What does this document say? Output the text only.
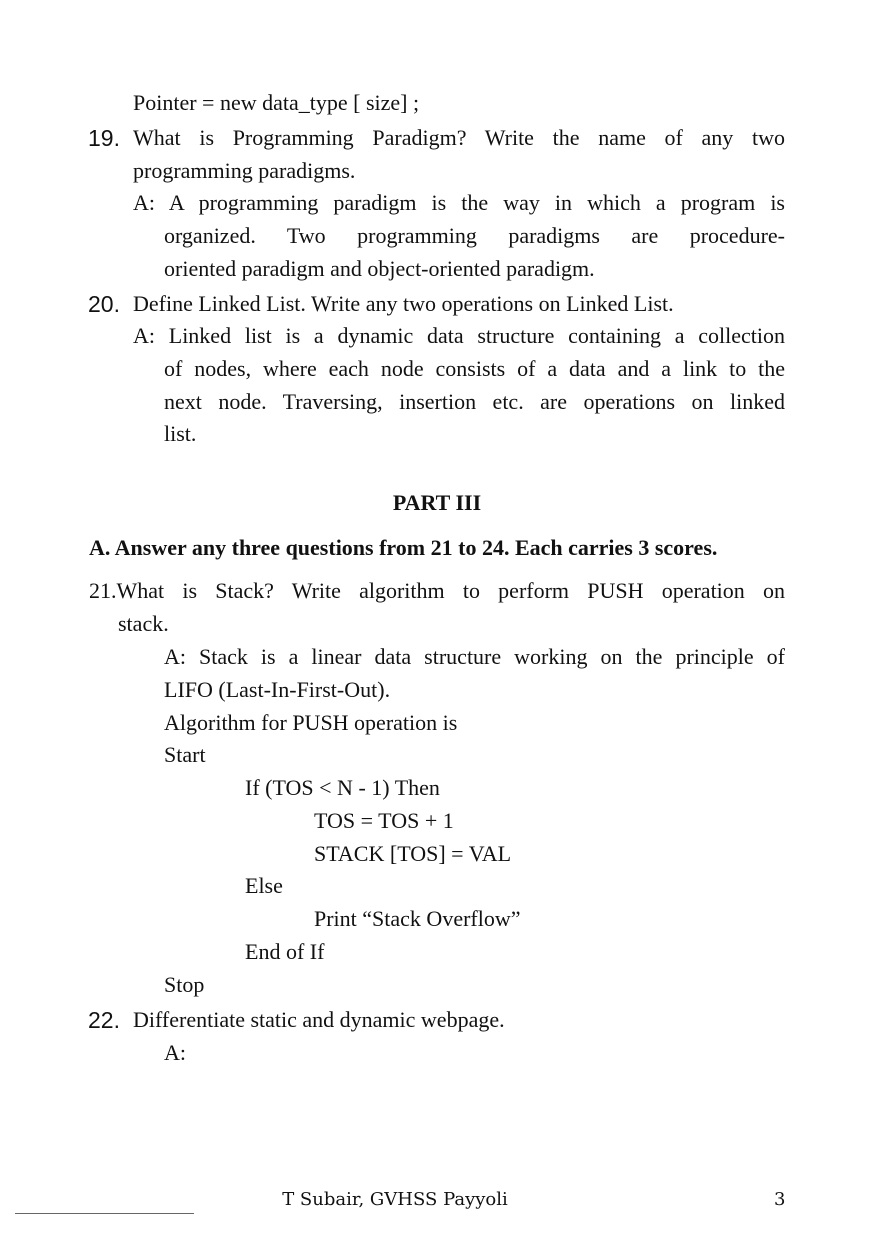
Pointer = new data_type [ size] ;
19. What is Programming Paradigm? Write the name of any two
programming paradigms.
A: A programming paradigm is the way in which a program is
organized. Two programming paradigms are procedure-
oriented paradigm and object-oriented paradigm.
20. Define Linked List. Write any two operations on Linked List.
A: Linked list is a dynamic data structure containing a collection
of nodes, where each node consists of a data and a link to the
next node. Traversing, insertion etc. are operations on linked
list.
PART III
A. Answer any three questions from 21 to 24. Each carries 3 scores.
21.What is Stack? Write algorithm to perform PUSH operation on
stack.
A: Stack is a linear data structure working on the principle of
LIFO (Last-In-First-Out).
Algorithm for PUSH operation is
Start
If (TOS < N - 1) Then
TOS = TOS + 1
STACK [TOS] = VAL
Else
Print “Stack Overflow”
End of If
Stop
22. Differentiate static and dynamic webpage.
A:
T Subair, GVHSS Payyoli	3
